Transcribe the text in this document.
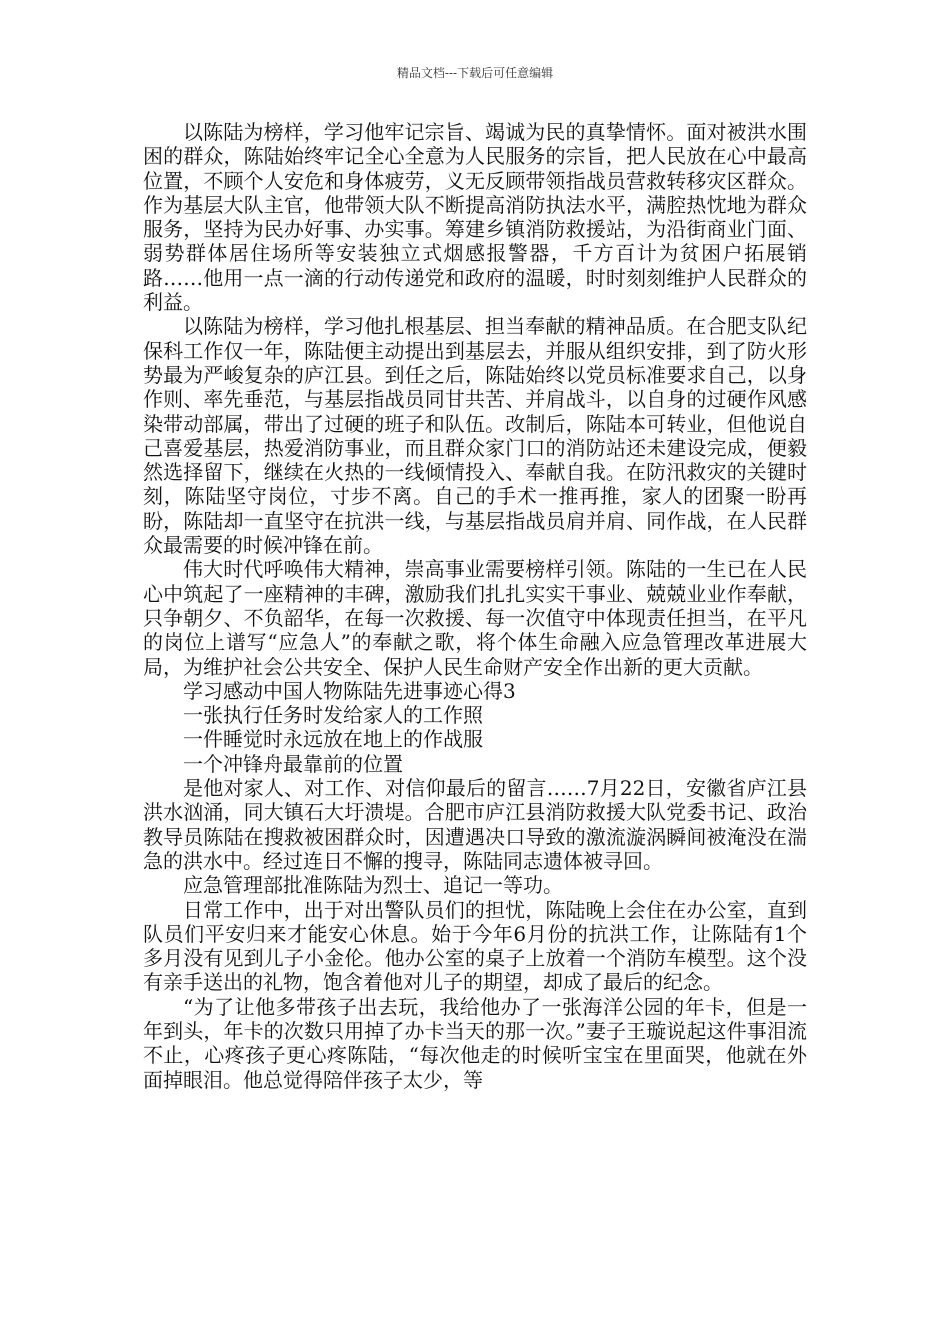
精品文档---下载后可任意编辑

以陈陆为榜样，学习他牢记宗旨、竭诚为民的真挚情怀。面对被洪水围困的群众，陈陆始终牢记全心全意为人民服务的宗旨，把人民放在心中最高位置，不顾个人安危和身体疲劳，义无反顾带领指战员营救转移灾区群众。作为基层大队主官，他带领大队不断提高消防执法水平，满腔热忱地为群众服务，坚持为民办好事、办实事。筹建乡镇消防救援站，为沿街商业门面、弱势群体居住场所等安装独立式烟感报警器，千方百计为贫困户拓展销路……他用一点一滴的行动传递党和政府的温暖，时时刻刻维护人民群众的利益。

以陈陆为榜样，学习他扎根基层、担当奉献的精神品质。在合肥支队纪保科工作仅一年，陈陆便主动提出到基层去，并服从组织安排，到了防火形势最为严峻复杂的庐江县。到任之后，陈陆始终以党员标准要求自己，以身作则、率先垂范，与基层指战员同甘共苦、并肩战斗，以自身的过硬作风感染带动部属，带出了过硬的班子和队伍。改制后，陈陆本可转业，但他说自己喜爱基层，热爱消防事业，而且群众家门口的消防站还未建设完成，便毅然选择留下，继续在火热的一线倾情投入、奉献自我。在防汛救灾的关键时刻，陈陆坚守岗位，寸步不离。自己的手术一推再推，家人的团聚一盼再盼，陈陆却一直坚守在抗洪一线，与基层指战员肩并肩、同作战，在人民群众最需要的时候冲锋在前。

伟大时代呼唤伟大精神，崇高事业需要榜样引领。陈陆的一生已在人民心中筑起了一座精神的丰碑，激励我们扎扎实实干事业、兢兢业业作奉献，只争朝夕、不负韶华，在每一次救援、每一次值守中体现责任担当，在平凡的岗位上谱写“应急人”的奉献之歌，将个体生命融入应急管理改革进展大局，为维护社会公共安全、保护人民生命财产安全作出新的更大贡献。

学习感动中国人物陈陆先进事迹心得3

一张执行任务时发给家人的工作照

一件睡觉时永远放在地上的作战服

一个冲锋舟最靠前的位置

是他对家人、对工作、对信仰最后的留言……7月22日，安徽省庐江县洪水汹涌，同大镇石大圩溃堤。合肥市庐江县消防救援大队党委书记、政治教导员陈陆在搜救被困群众时，因遭遇决口导致的激流漩涡瞬间被淹没在湍急的洪水中。经过连日不懈的搜寻，陈陆同志遗体被寻回。

应急管理部批准陈陆为烈士、追记一等功。

日常工作中，出于对出警队员们的担忧，陈陆晚上会住在办公室，直到队员们平安归来才能安心休息。始于今年6月份的抗洪工作，让陈陆有1个多月没有见到儿子小金伦。他办公室的桌子上放着一个消防车模型。这个没有亲手送出的礼物，饱含着他对儿子的期望，却成了最后的纪念。

“为了让他多带孩子出去玩，我给他办了一张海洋公园的年卡，但是一年到头，年卡的次数只用掉了办卡当天的那一次。”妻子王璇说起这件事泪流不止，心疼孩子更心疼陈陆，“每次他走的时候听宝宝在里面哭，他就在外面掉眼泪。他总觉得陪伴孩子太少，等
